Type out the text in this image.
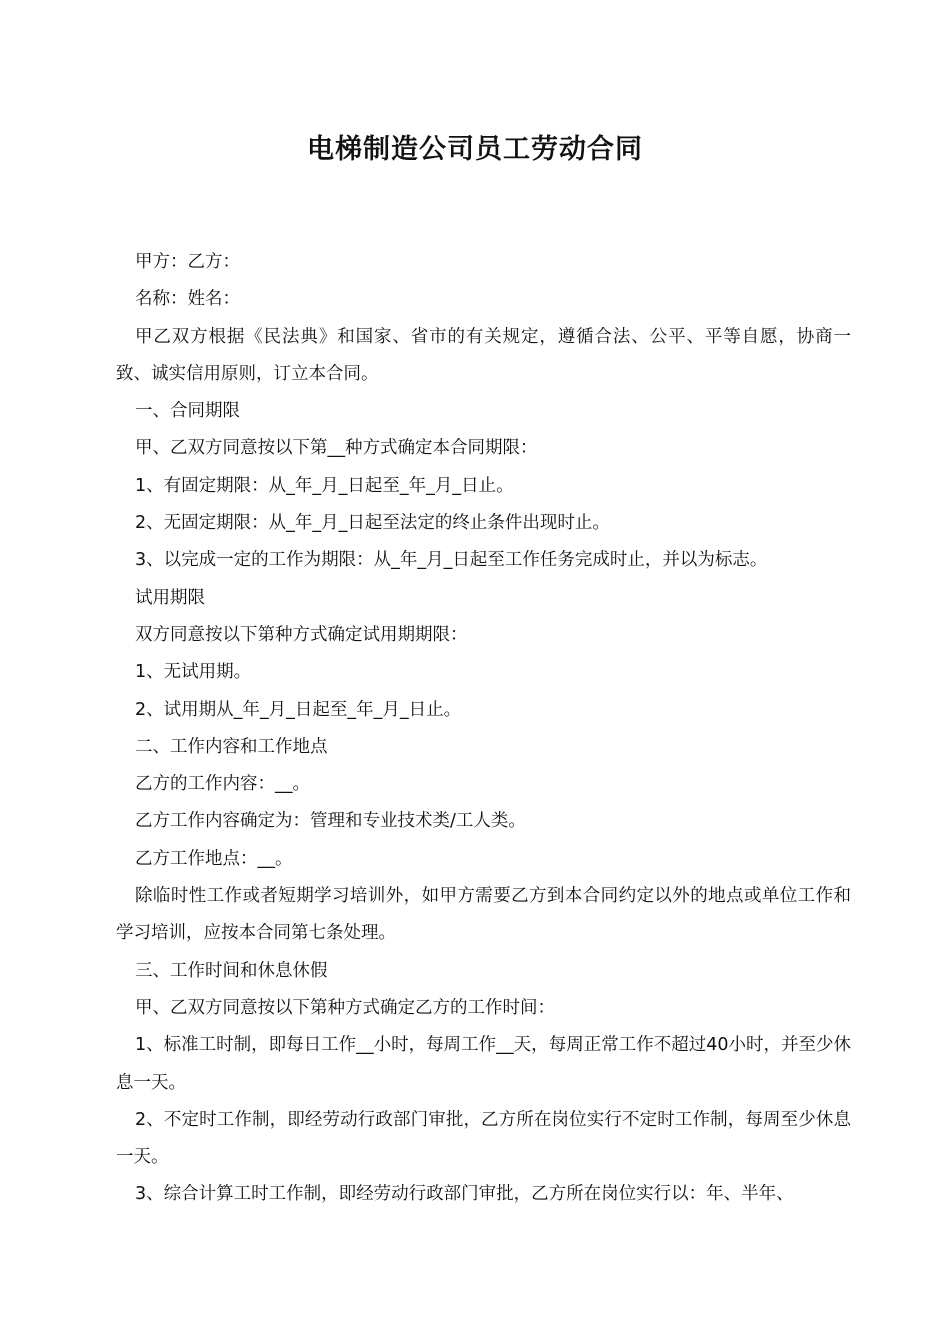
电梯制造公司员工劳动合同

甲方：乙方：

名称：姓名：

甲乙双方根据《民法典》和国家、省市的有关规定，遵循合法、公平、平等自愿，协商一致、诚实信用原则，订立本合同。

一、合同期限

甲、乙双方同意按以下第__种方式确定本合同期限：

1、有固定期限：从_年_月_日起至_年_月_日止。

2、无固定期限：从_年_月_日起至法定的终止条件出现时止。

3、以完成一定的工作为期限：从_年_月_日起至工作任务完成时止，并以为标志。

试用期限

双方同意按以下第种方式确定试用期期限：

1、无试用期。

2、试用期从_年_月_日起至_年_月_日止。

二、工作内容和工作地点

乙方的工作内容：__。

乙方工作内容确定为：管理和专业技术类/工人类。

乙方工作地点：__。

除临时性工作或者短期学习培训外，如甲方需要乙方到本合同约定以外的地点或单位工作和学习培训，应按本合同第七条处理。

三、工作时间和休息休假

甲、乙双方同意按以下第种方式确定乙方的工作时间：

1、标准工时制，即每日工作__小时，每周工作__天，每周正常工作不超过40小时，并至少休息一天。

2、不定时工作制，即经劳动行政部门审批，乙方所在岗位实行不定时工作制，每周至少休息一天。

3、综合计算工时工作制，即经劳动行政部门审批，乙方所在岗位实行以：年、半年、
